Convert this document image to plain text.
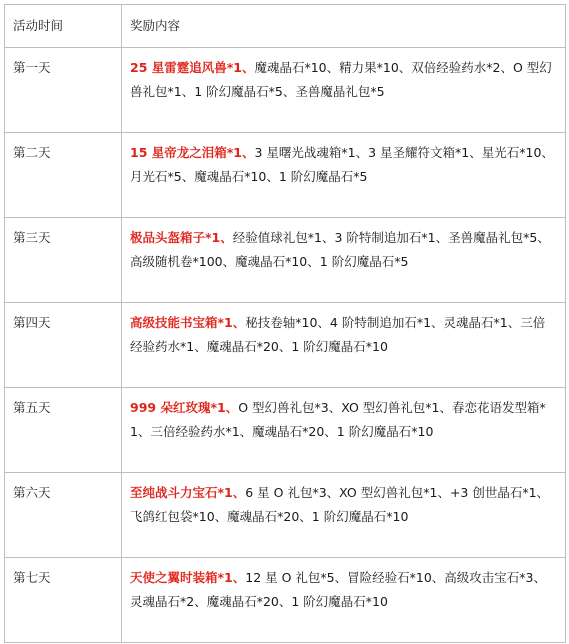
活动时间	奖励内容
第一天	25 星雷霆追风兽*1、魔魂晶石*10、精力果*10、双倍经验药水*2、O 型幻兽礼包*1、1 阶幻魔晶石*5、圣兽魔晶礼包*5
第二天	15 星帝龙之泪箱*1、3 星曙光战魂箱*1、3 星圣耀符文箱*1、星光石*10、月光石*5、魔魂晶石*10、1 阶幻魔晶石*5
第三天	极品头盔箱子*1、经验值球礼包*1、3 阶特制追加石*1、圣兽魔晶礼包*5、高级随机卷*100、魔魂晶石*10、1 阶幻魔晶石*5
第四天	高级技能书宝箱*1、秘技卷轴*10、4 阶特制追加石*1、灵魂晶石*1、三倍经验药水*1、魔魂晶石*20、1 阶幻魔晶石*10
第五天	999 朵红玫瑰*1、O 型幻兽礼包*3、XO 型幻兽礼包*1、春恋花语发型箱*1、三倍经验药水*1、魔魂晶石*20、1 阶幻魔晶石*10
第六天	至纯战斗力宝石*1、6 星 O 礼包*3、XO 型幻兽礼包*1、+3 创世晶石*1、飞鸽红包袋*10、魔魂晶石*20、1 阶幻魔晶石*10
第七天	天使之翼时装箱*1、12 星 O 礼包*5、冒险经验石*10、高级攻击宝石*3、灵魂晶石*2、魔魂晶石*20、1 阶幻魔晶石*10
